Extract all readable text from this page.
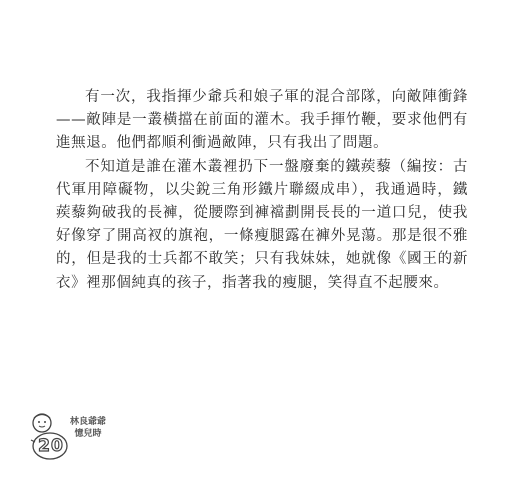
有一次，我指揮少爺兵和娘子軍的混合部隊，向敵陣衝鋒——敵陣是一叢橫擋在前面的灌木。我手揮竹鞭，要求他們有進無退。他們都順利衝過敵陣，只有我出了問題。

不知道是誰在灌木叢裡扔下一盤廢棄的鐵蒺藜（編按：古代軍用障礙物，以尖銳三角形鐵片聯綴成串），我通過時，鐵蒺藜夠破我的長褲，從腰際到褲襠劃開長長的一道口兒，使我好像穿了開高衩的旗袍，一條瘦腿露在褲外晃蕩。那是很不雅的，但是我的士兵都不敢笑；只有我妹妹，她就像《國王的新衣》裡那個純真的孩子，指著我的瘦腿，笑得直不起腰來。

20
林良爺爺
憶兒時
